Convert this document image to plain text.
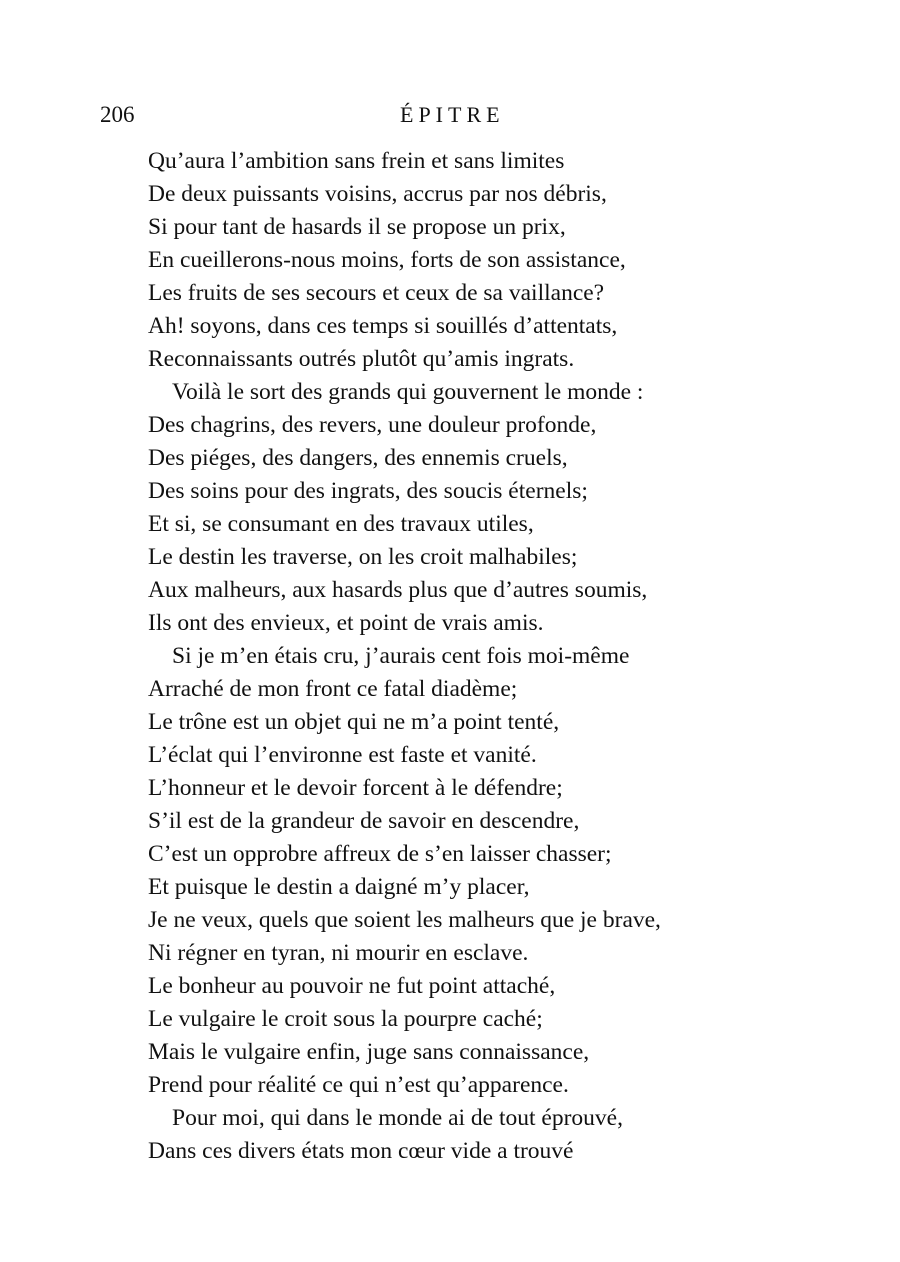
206	ÉPITRE
Qu’aura l’ambition sans frein et sans limites
De deux puissants voisins, accrus par nos débris,
Si pour tant de hasards il se propose un prix,
En cueillerons-nous moins, forts de son assistance,
Les fruits de ses secours et ceux de sa vaillance?
Ah! soyons, dans ces temps si souillés d’attentats,
Reconnaissants outrés plutôt qu’amis ingrats.
Voilà le sort des grands qui gouvernent le monde :
Des chagrins, des revers, une douleur profonde,
Des piéges, des dangers, des ennemis cruels,
Des soins pour des ingrats, des soucis éternels;
Et si, se consumant en des travaux utiles,
Le destin les traverse, on les croit malhabiles;
Aux malheurs, aux hasards plus que d’autres soumis,
Ils ont des envieux, et point de vrais amis.
Si je m’en étais cru, j’aurais cent fois moi-même
Arraché de mon front ce fatal diadème;
Le trône est un objet qui ne m’a point tenté,
L’éclat qui l’environne est faste et vanité.
L’honneur et le devoir forcent à le défendre;
S’il est de la grandeur de savoir en descendre,
C’est un opprobre affreux de s’en laisser chasser;
Et puisque le destin a daigné m’y placer,
Je ne veux, quels que soient les malheurs que je brave,
Ni régner en tyran, ni mourir en esclave.
Le bonheur au pouvoir ne fut point attaché,
Le vulgaire le croit sous la pourpre caché;
Mais le vulgaire enfin, juge sans connaissance,
Prend pour réalité ce qui n’est qu’apparence.
Pour moi, qui dans le monde ai de tout éprouvé,
Dans ces divers états mon cœur vide a trouvé
